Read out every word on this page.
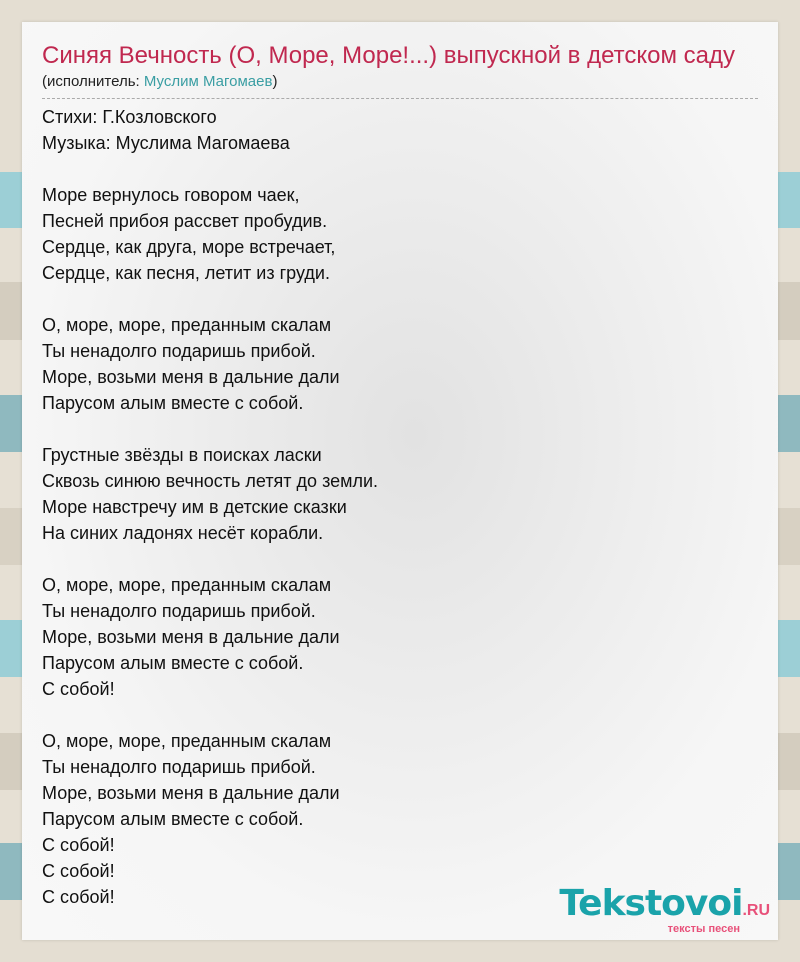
Синяя Вечность (О, Море, Море!...) выпускной в детском саду
(исполнитель: Муслим Магомаев)
Стихи: Г.Козловского
Музыка: Муслима Магомаева
Море вернулось говором чаек,
Песней прибоя рассвет пробудив.
Сердце, как друга, море встречает,
Сердце, как песня, летит из груди.
О, море, море, преданным скалам
Ты ненадолго подаришь прибой.
Море, возьми меня в дальние дали
Парусом алым вместе с собой.
Грустные звёзды в поисках ласки
Сквозь синюю вечность летят до земли.
Море навстречу им в детские сказки
На синих ладонях несёт корабли.
О, море, море, преданным скалам
Ты ненадолго подаришь прибой.
Море, возьми меня в дальние дали
Парусом алым вместе с собой.
С собой!
О, море, море, преданным скалам
Ты ненадолго подаришь прибой.
Море, возьми меня в дальние дали
Парусом алым вместе с собой.
С собой!
С собой!
С собой!	Tekstovoi.RU
тексты песен
